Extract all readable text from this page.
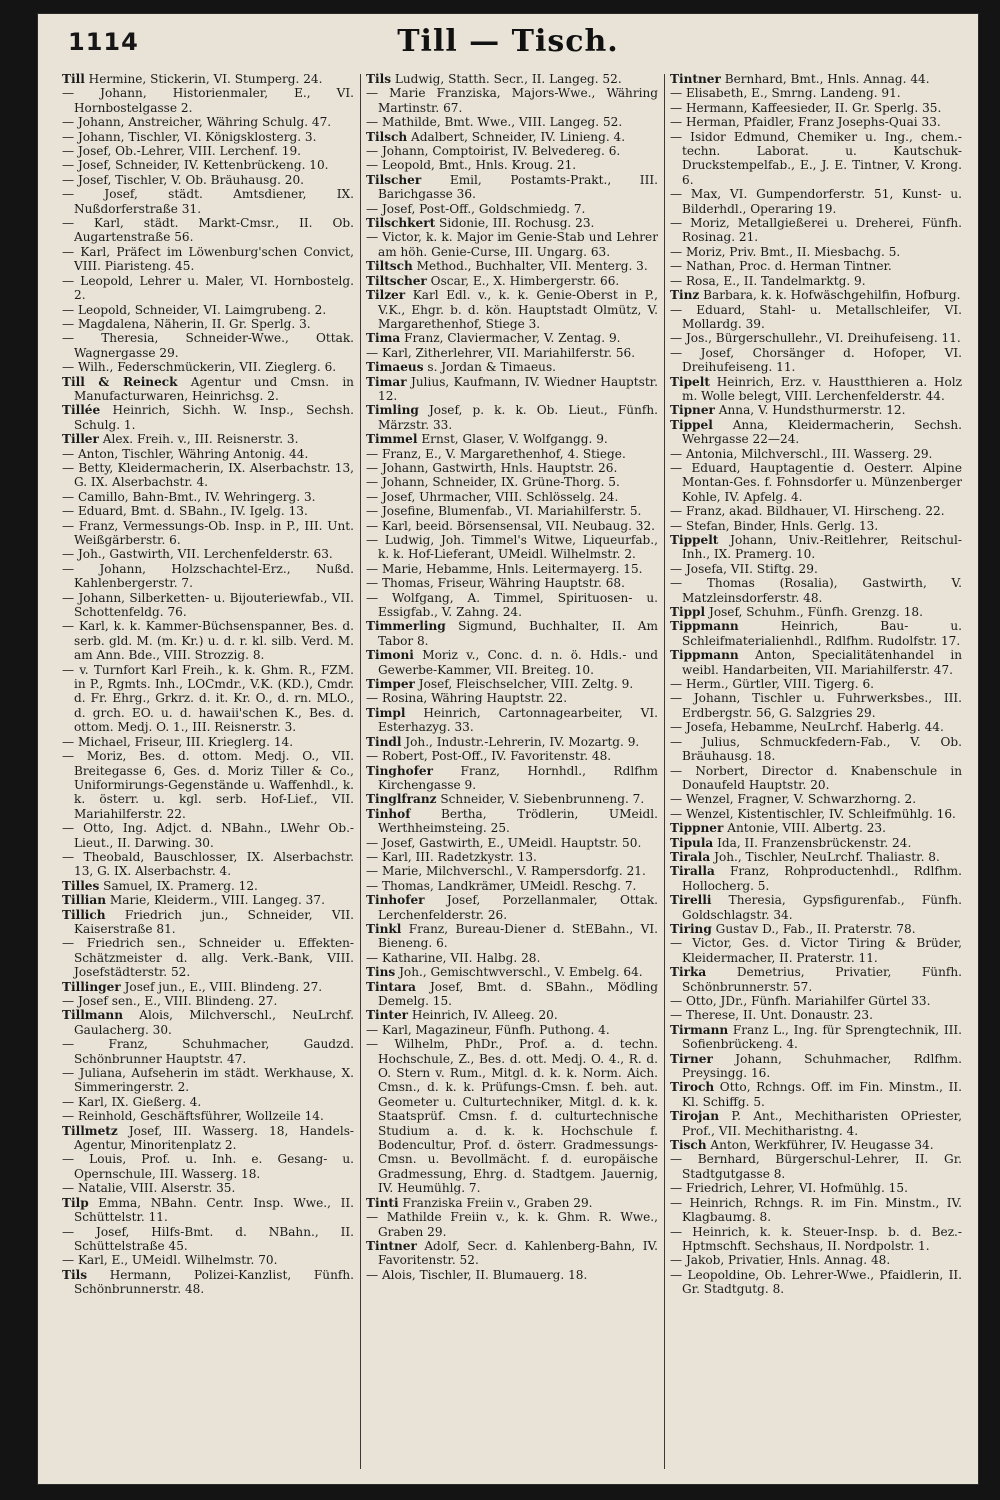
1114	Till — Tisch.

Till Hermine, Stickerin, VI. Stumperg. 24.

— Johann, Historienmaler, E., VI. Hornbostelgasse 2.

— Johann, Anstreicher, Währing Schulg. 47.

— Johann, Tischler, VI. Königsklosterg. 3.

— Josef, Ob.-Lehrer, VIII. Lerchenf. 19.

— Josef, Schneider, IV. Kettenbrückeng. 10.

— Josef, Tischler, V. Ob. Bräuhausg. 20.

— Josef, städt. Amtsdiener, IX. Nußdorferstraße 31.

— Karl, städt. Markt-Cmsr., II. Ob. Augartenstraße 56.

— Karl, Präfect im Löwenburg'schen Convict, VIII. Piaristeng. 45.

— Leopold, Lehrer u. Maler, VI. Hornbostelg. 2.

— Leopold, Schneider, VI. Laimgrubeng. 2.

— Magdalena, Näherin, II. Gr. Sperlg. 3.

— Theresia, Schneider-Wwe., Ottak. Wagnergasse 29.

— Wilh., Federschmückerin, VII. Zieglerg. 6.

Till & Reineck Agentur und Cmsn. in Manufacturwaren, Heinrichsg. 2.

Tillée Heinrich, Sichh. W. Insp., Sechsh. Schulg. 1.

Tiller Alex. Freih. v., III. Reisnerstr. 3.

— Anton, Tischler, Währing Antonig. 44.

— Betty, Kleidermacherin, IX. Alserbachstr. 13, G. IX. Alserbachstr. 4.

— Camillo, Bahn-Bmt., IV. Wehringerg. 3.

— Eduard, Bmt. d. SBahn., IV. Igelg. 13.

— Franz, Vermessungs-Ob. Insp. in P., III. Unt. Weißgärberstr. 6.

— Joh., Gastwirth, VII. Lerchenfelderstr. 63.

— Johann, Holzschachtel-Erz., Nußd. Kahlenbergerstr. 7.

— Johann, Silberketten- u. Bijouteriewfab., VII. Schottenfeldg. 76.

— Karl, k. k. Kammer-Büchsenspanner, Bes. d. serb. gld. M. (m. Kr.) u. d. r. kl. silb. Verd. M. am Ann. Bde., VIII. Strozzig. 8.

— v. Turnfort Karl Freih., k. k. Ghm. R., FZM. in P., Rgmts. Inh., LOCmdr., V.K. (KD.), Cmdr. d. Fr. Ehrg., Grkrz. d. it. Kr. O., d. rn. MLO., d. grch. EO. u. d. hawaii'schen K., Bes. d. ottom. Medj. O. 1., III. Reisnerstr. 3.

— Michael, Friseur, III. Krieglerg. 14.

— Moriz, Bes. d. ottom. Medj. O., VII. Breitegasse 6, Ges. d. Moriz Tiller & Co., Uniformirungs-Gegenstände u. Waffenhdl., k. k. österr. u. kgl. serb. Hof-Lief., VII. Mariahilferstr. 22.

— Otto, Ing. Adjct. d. NBahn., LWehr Ob.-Lieut., II. Darwing. 30.

— Theobald, Bauschlosser, IX. Alserbachstr. 13, G. IX. Alserbachstr. 4.

Tilles Samuel, IX. Pramerg. 12.

Tillian Marie, Kleiderm., VIII. Langeg. 37.

Tillich Friedrich jun., Schneider, VII. Kaiserstraße 81.

— Friedrich sen., Schneider u. Effekten-Schätzmeister d. allg. Verk.-Bank, VIII. Josefstädterstr. 52.

Tillinger Josef jun., E., VIII. Blindeng. 27.

— Josef sen., E., VIII. Blindeng. 27.

Tillmann Alois, Milchverschl., NeuLrchf. Gaulacherg. 30.

— Franz, Schuhmacher, Gaudzd. Schönbrunner Hauptstr. 47.

— Juliana, Aufseherin im städt. Werkhause, X. Simmeringerstr. 2.

— Karl, IX. Gießerg. 4.

— Reinhold, Geschäftsführer, Wollzeile 14.

Tillmetz Josef, III. Wasserg. 18, Handels-Agentur, Minoritenplatz 2.

— Louis, Prof. u. Inh. e. Gesang- u. Opernschule, III. Wasserg. 18.

— Natalie, VIII. Alserstr. 35.

Tilp Emma, NBahn. Centr. Insp. Wwe., II. Schüttelstr. 11.

— Josef, Hilfs-Bmt. d. NBahn., II. Schüttelstraße 45.

— Karl, E., UMeidl. Wilhelmstr. 70.

Tils Hermann, Polizei-Kanzlist, Fünfh. Schönbrunnerstr. 48.

Tils Ludwig, Statth. Secr., II. Langeg. 52.

— Marie Franziska, Majors-Wwe., Währing Martinstr. 67.

— Mathilde, Bmt. Wwe., VIII. Langeg. 52.

Tilsch Adalbert, Schneider, IV. Linieng. 4.

— Johann, Comptoirist, IV. Belvedereg. 6.

— Leopold, Bmt., Hnls. Kroug. 21.

Tilscher Emil, Postamts-Prakt., III. Barichgasse 36.

— Josef, Post-Off., Goldschmiedg. 7.

Tilschkert Sidonie, III. Rochusg. 23.

— Victor, k. k. Major im Genie-Stab und Lehrer am höh. Genie-Curse, III. Ungarg. 63.

Tiltsch Method., Buchhalter, VII. Menterg. 3.

Tiltscher Oscar, E., X. Himbergerstr. 66.

Tilzer Karl Edl. v., k. k. Genie-Oberst in P., V.K., Ehgr. b. d. kön. Hauptstadt Olmütz, V. Margarethenhof, Stiege 3.

Tima Franz, Claviermacher, V. Zentag. 9.

— Karl, Zitherlehrer, VII. Mariahilferstr. 56.

Timaeus s. Jordan & Timaeus.

Timar Julius, Kaufmann, IV. Wiedner Hauptstr. 12.

Timling Josef, p. k. k. Ob. Lieut., Fünfh. Märzstr. 33.

Timmel Ernst, Glaser, V. Wolfgangg. 9.

— Franz, E., V. Margarethenhof, 4. Stiege.

— Johann, Gastwirth, Hnls. Hauptstr. 26.

— Johann, Schneider, IX. Grüne-Thorg. 5.

— Josef, Uhrmacher, VIII. Schlösselg. 24.

— Josefine, Blumenfab., VI. Mariahilferstr. 5.

— Karl, beeid. Börsensensal, VII. Neubaug. 32.

— Ludwig, Joh. Timmel's Witwe, Liqueurfab., k. k. Hof-Lieferant, UMeidl. Wilhelmstr. 2.

— Marie, Hebamme, Hnls. Leitermayerg. 15.

— Thomas, Friseur, Währing Hauptstr. 68.

— Wolfgang, A. Timmel, Spirituosen- u. Essigfab., V. Zahng. 24.

Timmerling Sigmund, Buchhalter, II. Am Tabor 8.

Timoni Moriz v., Conc. d. n. ö. Hdls.- und Gewerbe-Kammer, VII. Breiteg. 10.

Timper Josef, Fleischselcher, VIII. Zeltg. 9.

— Rosina, Währing Hauptstr. 22.

Timpl Heinrich, Cartonnagearbeiter, VI. Esterhazyg. 33.

Tindl Joh., Industr.-Lehrerin, IV. Mozartg. 9.

— Robert, Post-Off., IV. Favoritenstr. 48.

Tinghofer Franz, Hornhdl., Rdlfhm Kirchengasse 9.

Tinglfranz Schneider, V. Siebenbrunneng. 7.

Tinhof	Bertha, Trödlerin, UMeidl. Werthheimsteing. 25.

— Josef, Gastwirth, E., UMeidl. Hauptstr. 50.

— Karl, III. Radetzkystr. 13.

— Marie, Milchverschl., V. Rampersdorfg. 21.

— Thomas, Landkrämer, UMeidl. Reschg. 7.

Tinhofer Josef, Porzellanmaler, Ottak. Lerchenfelderstr. 26.

Tinkl Franz, Bureau-Diener d. StEBahn., VI. Bieneng. 6.

— Katharine, VII. Halbg. 28.

Tins Joh., Gemischtwverschl., V. Embelg. 64.

Tintara Josef, Bmt. d. SBahn., Mödling Demelg. 15.

Tinter Heinrich, IV. Alleeg. 20.

— Karl, Magazineur, Fünfh. Puthong. 4.

— Wilhelm, PhDr., Prof. a. d. techn. Hochschule, Z., Bes. d. ott. Medj. O. 4., R. d. O. Stern v. Rum., Mitgl. d. k. k. Norm. Aich. Cmsn., d. k. k. Prüfungs-Cmsn. f. beh. aut. Geometer u. Culturtechniker, Mitgl. d. k. k. Staatsprüf. Cmsn. f. d. culturtechnische Studium a. d. k. k. Hochschule f. Bodencultur, Prof. d. österr. Gradmessungs-Cmsn. u. Bevollmächt. f. d. europäische Gradmessung, Ehrg. d. Stadtgem. Jauernig, IV. Heumühlg. 7.

Tinti Franziska Freiin v., Graben 29.

— Mathilde Freiin v., k. k. Ghm. R. Wwe., Graben 29.

Tintner Adolf, Secr. d. Kahlenberg-Bahn, IV. Favoritenstr. 52.

— Alois, Tischler, II. Blumauerg. 18.

Tintner Bernhard, Bmt., Hnls. Annag. 44.

— Elisabeth, E., Smrng. Landeng. 91.

— Hermann, Kaffeesieder, II. Gr. Sperlg. 35.

— Herman, Pfaidler, Franz Josephs-Quai 33.

— Isidor Edmund, Chemiker u. Ing., chem.-techn. Laborat. u. Kautschuk-Druckstempelfab., E., J. E. Tintner, V. Krong. 6.

— Max, VI. Gumpendorferstr. 51, Kunst- u. Bilderhdl., Operaring 19.

— Moriz, Metallgießerei u. Dreherei, Fünfh. Rosinag. 21.

— Moriz, Priv. Bmt., II. Miesbachg. 5.

— Nathan, Proc. d. Herman Tintner.

— Rosa, E., II. Tandelmarktg. 9.

Tinz Barbara, k. k. Hofwäschgehilfin, Hofburg.

— Eduard, Stahl- u. Metallschleifer, VI. Mollardg. 39.

— Jos., Bürgerschullehr., VI. Dreihufeiseng. 11.

— Josef, Chorsänger d. Hofoper, VI. Dreihufeiseng. 11.

Tipelt Heinrich, Erz. v. Haustthieren a. Holz m. Wolle belegt, VIII. Lerchenfelderstr. 44.

Tipner Anna, V. Hundsthurmerstr. 12.

Tippel Anna, Kleidermacherin, Sechsh. Wehrgasse 22—24.

— Antonia, Milchverschl., III. Wasserg. 29.

— Eduard, Hauptagentie d. Oesterr. Alpine Montan-Ges. f. Fohnsdorfer u. Münzenberger Kohle, IV. Apfelg. 4.

— Franz, akad. Bildhauer, VI. Hirscheng. 22.

— Stefan, Binder, Hnls. Gerlg. 13.

Tippelt Johann, Univ.-Reitlehrer, Reitschul-Inh., IX. Pramerg. 10.

— Josefa, VII. Stiftg. 29.

— Thomas (Rosalia), Gastwirth, V. Matzleinsdorferstr. 48.

Tippl Josef, Schuhm., Fünfh. Grenzg. 18.

Tippmann	Heinrich, Bau- u. Schleifmaterialienhdl., Rdlfhm. Rudolfstr. 17.

Tippmann Anton, Specialitätenhandel in weibl. Handarbeiten, VII. Mariahilferstr. 47.

— Herm., Gürtler, VIII. Tigerg. 6.

— Johann, Tischler u. Fuhrwerksbes., III. Erdbergstr. 56, G. Salzgries 29.

— Josefa, Hebamme, NeuLrchf. Haberlg. 44.

— Julius, Schmuckfedern-Fab., V. Ob. Bräuhausg. 18.

— Norbert, Director d. Knabenschule in Donaufeld Hauptstr. 20.

— Wenzel, Fragner, V. Schwarzhorng. 2.

— Wenzel, Kistentischler, IV. Schleifmühlg. 16.

Tippner Antonie, VIII. Albertg. 23.

Tipula Ida, II. Franzensbrückenstr. 24.

Tirala Joh., Tischler, NeuLrchf. Thaliastr. 8.

Tiralla Franz, Rohproductenhdl., Rdlfhm. Hollocherg. 5.

Tirelli Theresia, Gypsfigurenfab., Fünfh. Goldschlagstr. 34.

Tiring Gustav D., Fab., II. Praterstr. 78.

— Victor, Ges. d. Victor Tiring & Brüder, Kleidermacher, II. Praterstr. 11.

Tirka	Demetrius, Privatier, Fünfh. Schönbrunnerstr. 57.

— Otto, JDr., Fünfh. Mariahilfer Gürtel 33.

— Therese, II. Unt. Donaustr. 23.

Tirmann Franz L., Ing. für Sprengtechnik, III. Sofienbrückeng. 4.

Tirner Johann, Schuhmacher, Rdlfhm. Preysingg. 16.

Tiroch Otto, Rchngs. Off. im Fin. Minstm., II. Kl. Schiffg. 5.

Tirojan P. Ant., Mechitharisten OPriester, Prof., VII. Mechitharistng. 4.

Tisch Anton, Werkführer, IV. Heugasse 34.

— Bernhard, Bürgerschul-Lehrer, II. Gr. Stadtgutgasse 8.

— Friedrich, Lehrer, VI. Hofmühlg. 15.

— Heinrich, Rchngs. R. im Fin. Minstm., IV. Klagbaumg. 8.

— Heinrich, k. k. Steuer-Insp. b. d. Bez.-Hptmschft. Sechshaus, II. Nordpolstr. 1.

— Jakob, Privatier, Hnls. Annag. 48.

— Leopoldine, Ob. Lehrer-Wwe., Pfaidlerin, II. Gr. Stadtgutg. 8.
